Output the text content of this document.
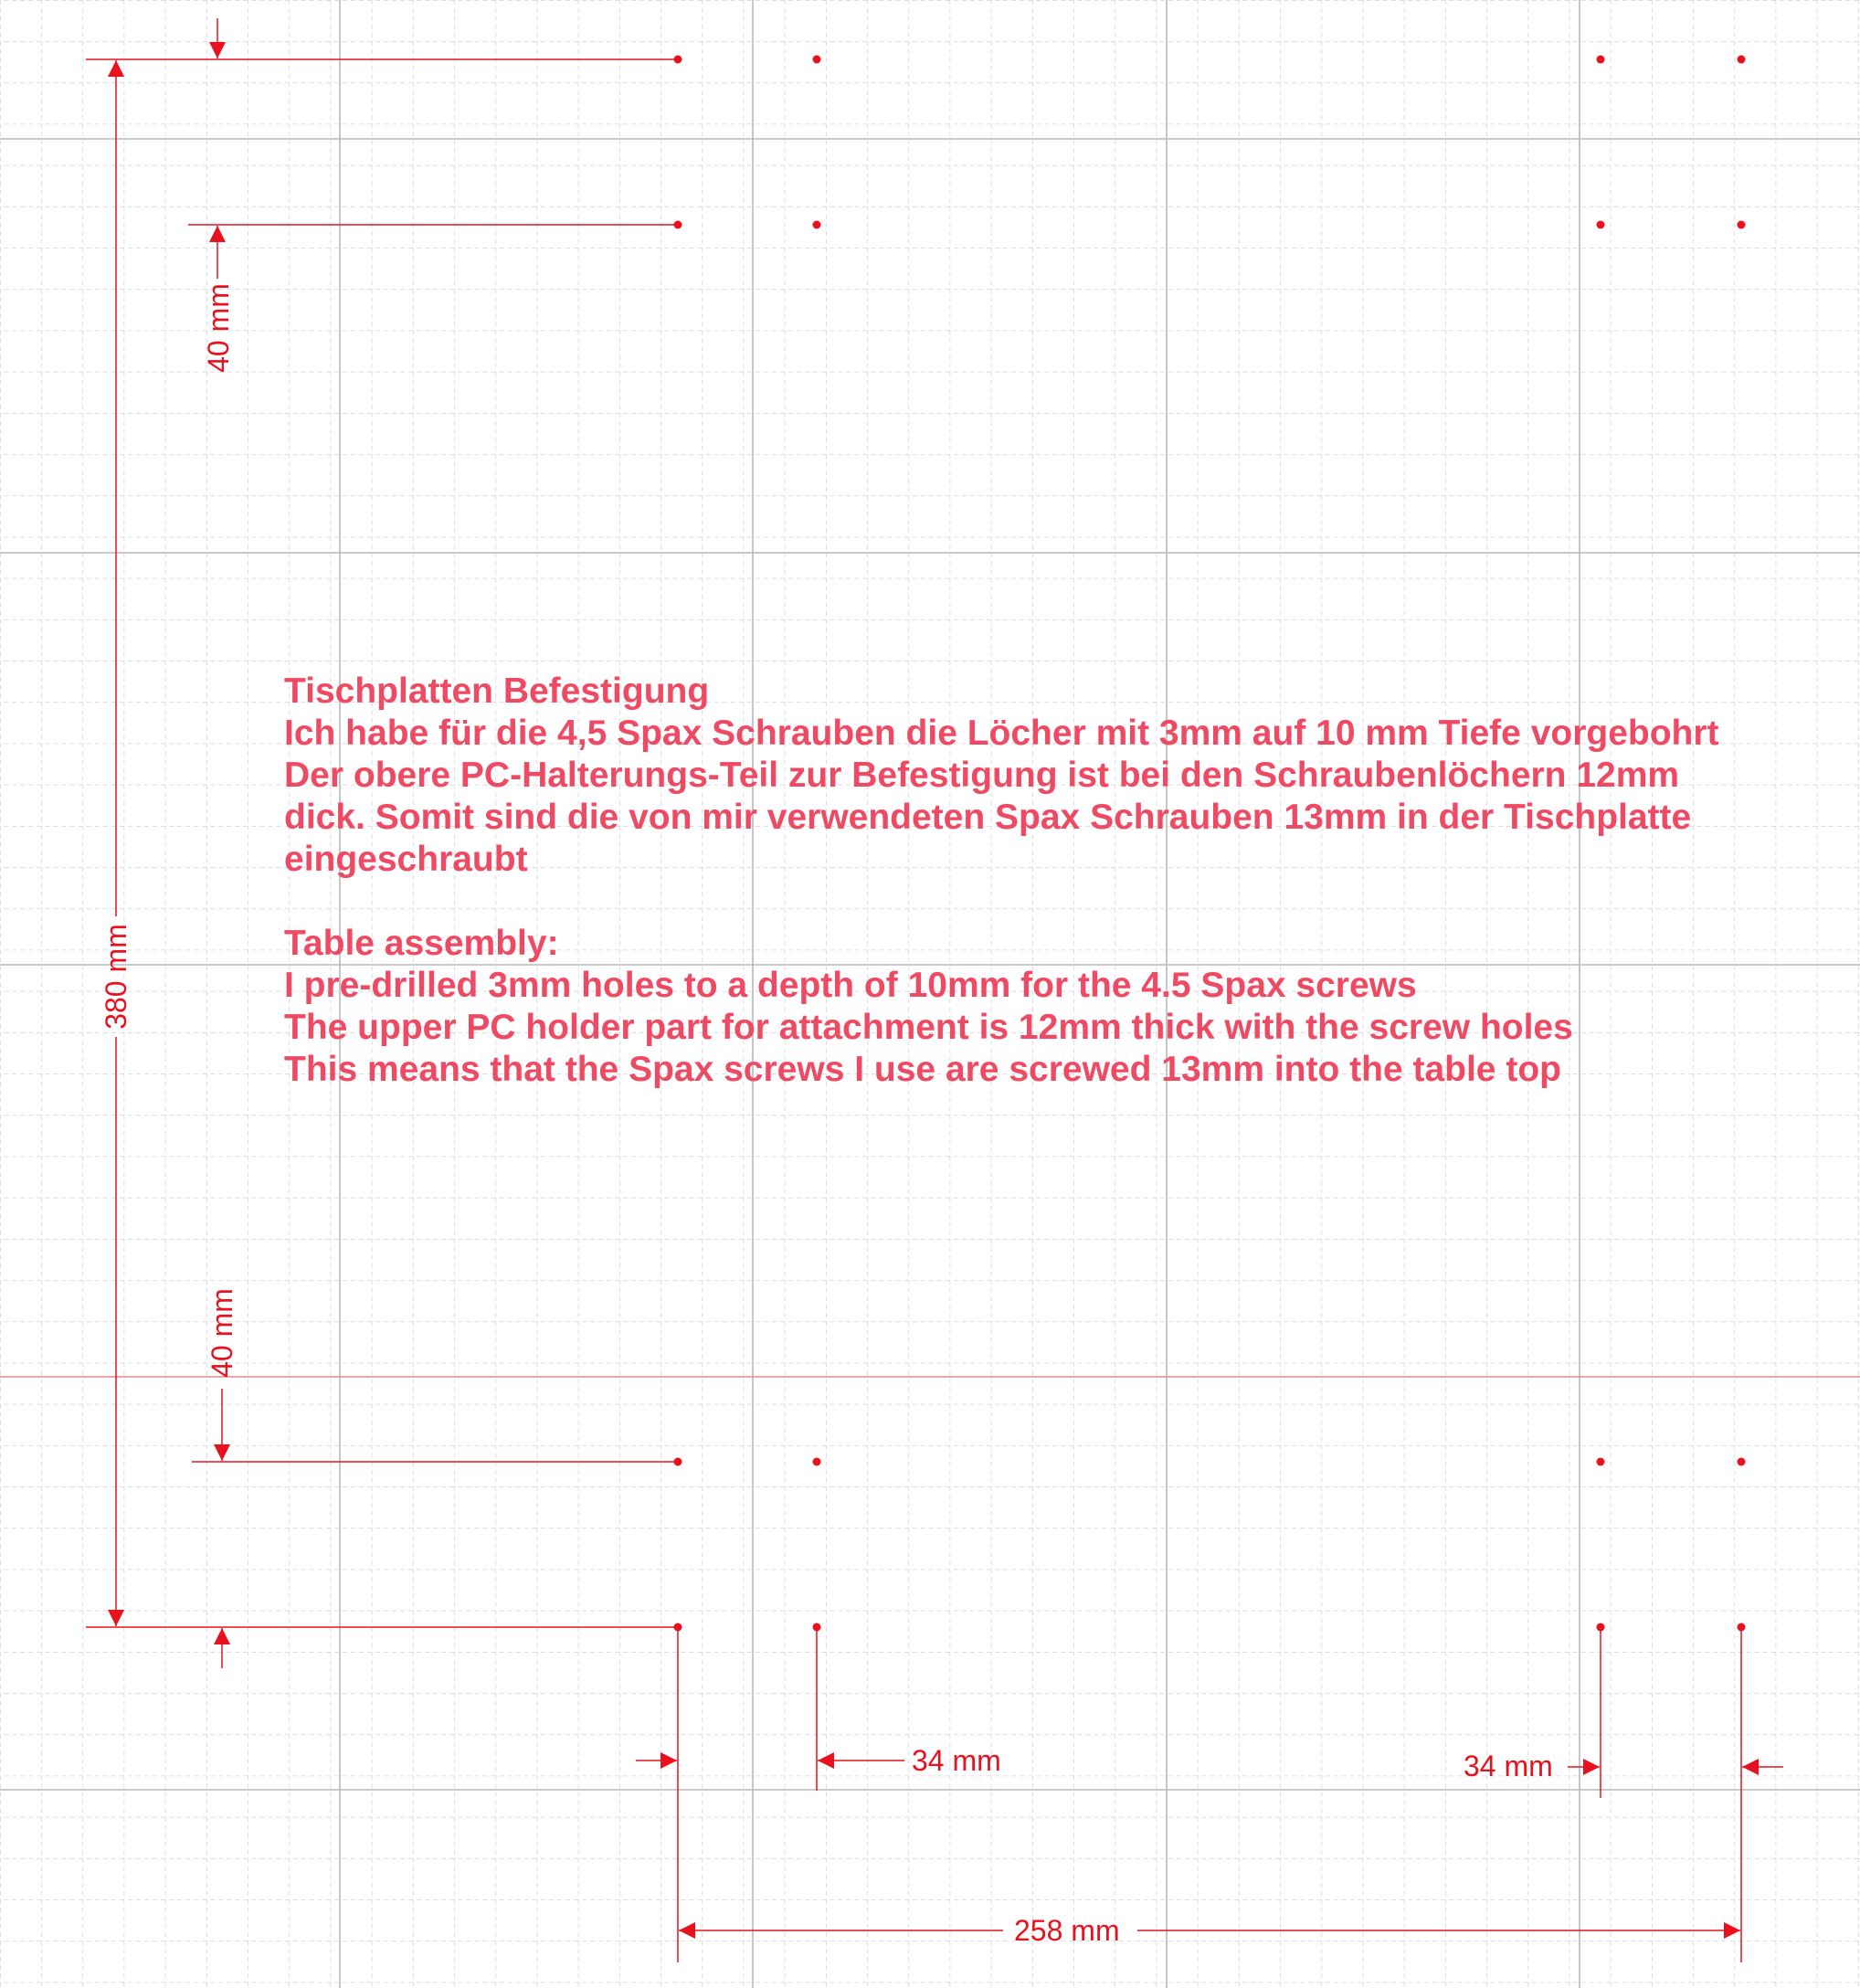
380 mm
40 mm
40 mm
34 mm	34 mm
258 mm
Tischplatten Befestigung
Ich habe für die 4,5 Spax Schrauben die Löcher mit 3mm auf 10 mm Tiefe vorgebohrt
Der obere PC-Halterungs-Teil zur Befestigung ist bei den Schraubenlöchern 12mm
dick. Somit sind die von mir verwendeten Spax Schrauben 13mm in der Tischplatte
eingeschraubt
Table assembly:
I pre-drilled 3mm holes to a depth of 10mm for the 4.5 Spax screws
The upper PC holder part for attachment is 12mm thick with the screw holes
This means that the Spax screws I use are screwed 13mm into the table top
